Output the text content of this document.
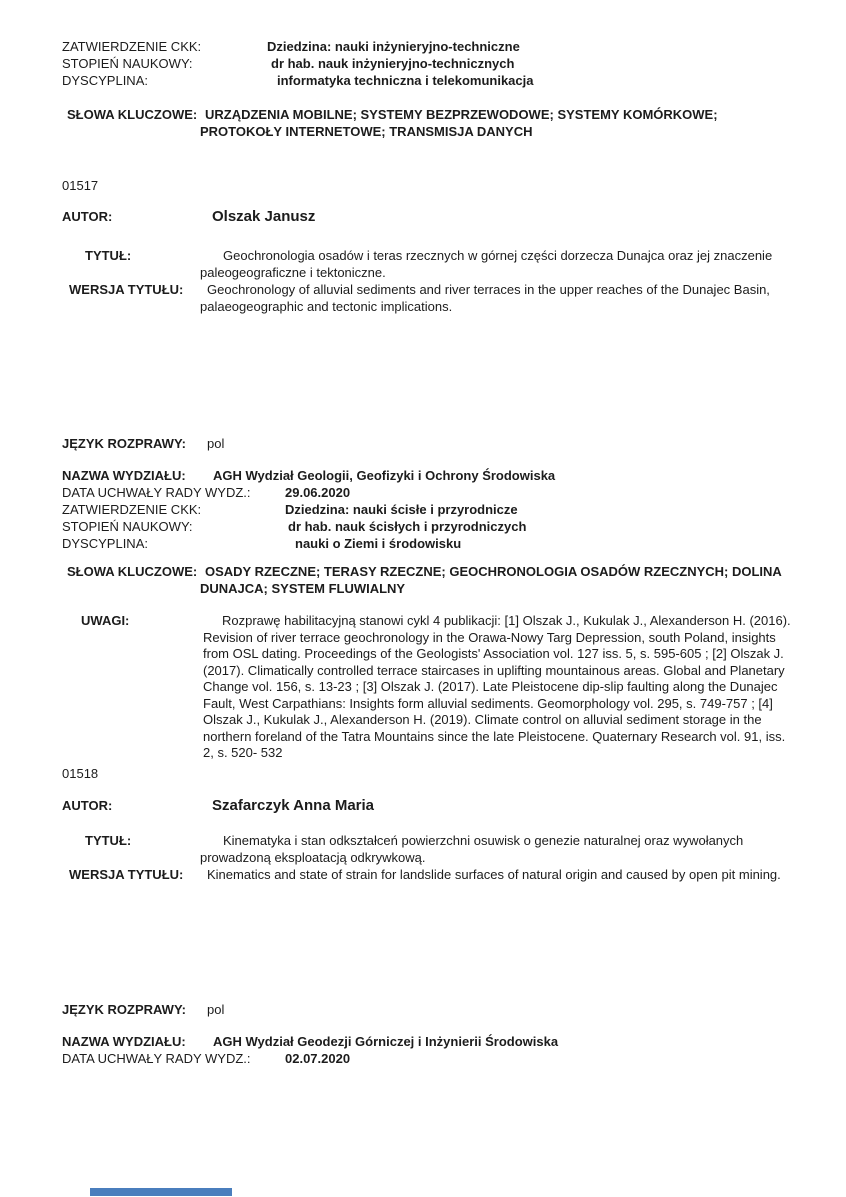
ZATWIERDZENIE CKK:	Dziedzina: nauki inżynieryjno-techniczne
STOPIEŃ NAUKOWY:	dr hab. nauk inżynieryjno-technicznych
DYSCYPLINA:	informatyka techniczna i telekomunikacja
SŁOWA KLUCZOWE: URZĄDZENIA MOBILNE; SYSTEMY BEZPRZEWODOWE; SYSTEMY KOMÓRKOWE; PROTOKOŁY INTERNETOWE; TRANSMISJA DANYCH
01517
AUTOR:	Olszak Janusz
TYTUŁ:	Geochronologia osadów i teras rzecznych w górnej części dorzecza Dunajca oraz jej znaczenie paleogeograficzne i tektoniczne.
WERSJA TYTUŁU: Geochronology of alluvial sediments and river terraces in the upper reaches of the Dunajec Basin, palaeogeographic and tectonic implications.
JĘZYK ROZPRAWY: pol
NAZWA WYDZIAŁU: AGH Wydział Geologii, Geofizyki i Ochrony Środowiska
DATA UCHWAŁY RADY WYDZ.:	29.06.2020
ZATWIERDZENIE CKK:	Dziedzina: nauki ścisłe i przyrodnicze
STOPIEŃ NAUKOWY:	dr hab. nauk ścisłych i przyrodniczych
DYSCYPLINA:	nauki o Ziemi i środowisku
SŁOWA KLUCZOWE: OSADY RZECZNE; TERASY RZECZNE; GEOCHRONOLOGIA OSADÓW RZECZNYCH; DOLINA DUNAJCA; SYSTEM FLUWIALNY
UWAGI:	Rozprawę habilitacyjną stanowi cykl 4 publikacji: [1] Olszak J., Kukulak J., Alexanderson H. (2016). Revision of river terrace geochronology in the Orawa-Nowy Targ Depression, south Poland, insights from OSL dating. Proceedings of the Geologists' Association vol. 127 iss. 5, s. 595-605 ; [2] Olszak J. (2017). Climatically controlled terrace staircases in uplifting mountainous areas. Global and Planetary Change vol. 156, s. 13-23 ; [3] Olszak J. (2017). Late Pleistocene dip-slip faulting along the Dunajec Fault, West Carpathians: Insights form alluvial sediments. Geomorphology vol. 295, s. 749-757 ; [4] Olszak J., Kukulak J., Alexanderson H. (2019). Climate control on alluvial sediment storage in the northern foreland of the Tatra Mountains since the late Pleistocene. Quaternary Research vol. 91, iss. 2, s. 520- 532
01518
AUTOR:	Szafarczyk Anna Maria
TYTUŁ:	Kinematyka i stan odkształceń powierzchni osuwisk o genezie naturalnej oraz wywołanych prowadzoną eksploatacją odkrywkową.
WERSJA TYTUŁU: Kinematics and state of strain for landslide surfaces of natural origin and caused by open pit mining.
JĘZYK ROZPRAWY: pol
NAZWA WYDZIAŁU: AGH Wydział Geodezji Górniczej i Inżynierii Środowiska
DATA UCHWAŁY RADY WYDZ.:	02.07.2020
